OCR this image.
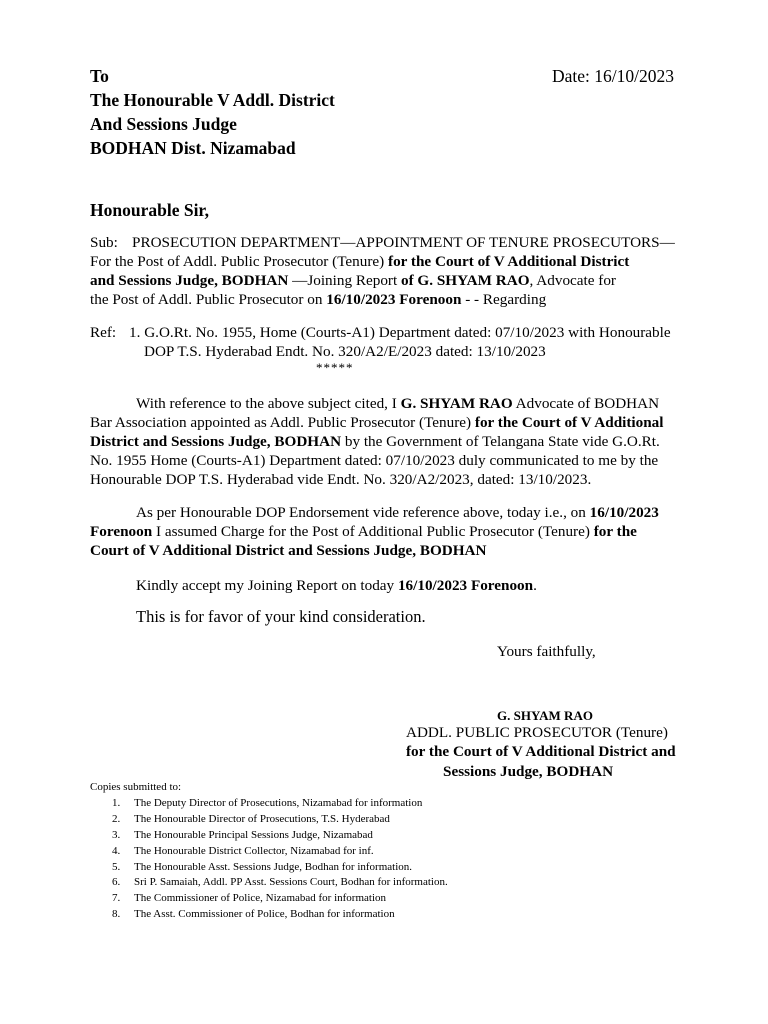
To	Date: 16/10/2023
The Honourable V Addl. District
And Sessions Judge
BODHAN Dist. Nizamabad
Honourable Sir,
Sub: PROSECUTION DEPARTMENT—APPOINTMENT OF TENURE PROSECUTORS—
For the Post of Addl. Public Prosecutor (Tenure) for the Court of V Additional District
and Sessions Judge, BODHAN —Joining Report of G. SHYAM RAO, Advocate for
the Post of Addl. Public Prosecutor on 16/10/2023 Forenoon - - Regarding
Ref: 1. G.O.Rt. No. 1955, Home (Courts-A1) Department dated: 07/10/2023 with Honourable
DOP T.S. Hyderabad Endt. No. 320/A2/E/2023 dated: 13/10/2023
*****
With reference to the above subject cited, I G. SHYAM RAO Advocate of BODHAN
Bar Association appointed as Addl. Public Prosecutor (Tenure) for the Court of V Additional
District and Sessions Judge, BODHAN by the Government of Telangana State vide G.O.Rt.
No. 1955 Home (Courts-A1) Department dated: 07/10/2023 duly communicated to me by the
Honourable DOP T.S. Hyderabad vide Endt. No. 320/A2/2023, dated: 13/10/2023.
As per Honourable DOP Endorsement vide reference above, today i.e., on 16/10/2023
Forenoon I assumed Charge for the Post of Additional Public Prosecutor (Tenure) for the
Court of V Additional District and Sessions Judge, BODHAN
Kindly accept my Joining Report on today 16/10/2023 Forenoon.
This is for favor of your kind consideration.
Yours faithfully,
G. SHYAM RAO
ADDL. PUBLIC PROSECUTOR (Tenure)
for the Court of V Additional District and
Sessions Judge, BODHAN
Copies submitted to:
1. The Deputy Director of Prosecutions, Nizamabad for information
2. The Honourable Director of Prosecutions, T.S. Hyderabad
3. The Honourable Principal Sessions Judge, Nizamabad
4. The Honourable District Collector, Nizamabad for inf.
5. The Honourable Asst. Sessions Judge, Bodhan for information.
6. Sri P. Samaiah, Addl. PP Asst. Sessions Court, Bodhan for information.
7. The Commissioner of Police, Nizamabad for information
8. The Asst. Commissioner of Police, Bodhan for information
